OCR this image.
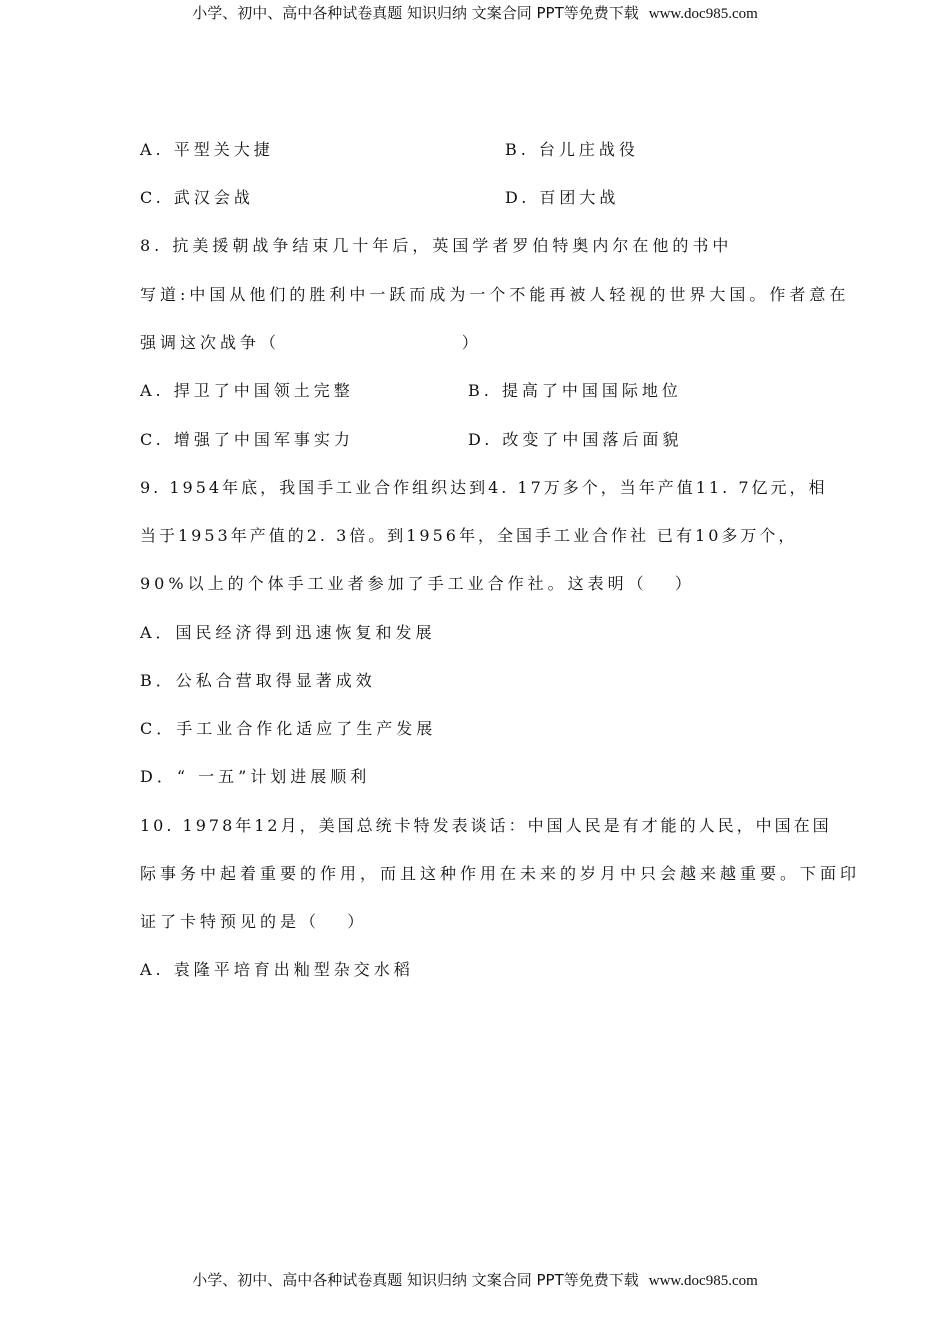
小学、初中、高中各种试卷真题 知识归纳 文案合同 PPT等免费下载 www.doc985.com
A. 平型关大捷	B. 台儿庄战役
C. 武汉会战	D. 百团大战
8. 抗美援朝战争结束几十年后，英国学者罗伯特奥内尔在他的书中
写道:中国从他们的胜利中一跃而成为一个不能再被人轻视的世界大国。作者意在
强调这次战争（                    ）
A. 捍卫了中国领土完整	B. 提高了中国国际地位
C. 增强了中国军事实力	D. 改变了中国落后面貌
9. 1954年底，我国手工业合作组织达到4. 17万多个，当年产值11. 7亿元，相
当于1953年产值的2. 3倍。到1956年，全国手工业合作社 已有10多万个，
90%以上的个体手工业者参加了手工业合作社。这表明（   ）
A．国民经济得到迅速恢复和发展
B．公私合营取得显著成效
C．手工业合作化适应了生产发展
D．“ 一五”计划进展顺利
10. 1978年12月，美国总统卡特发表谈话：中国人民是有才能的人民，中国在国
际事务中起着重要的作用，而且这种作用在未来的岁月中只会越来越重要。下面印
证了卡特预见的是（   ）
A. 袁隆平培育出籼型杂交水稻
小学、初中、高中各种试卷真题 知识归纳 文案合同 PPT等免费下载 www.doc985.com
